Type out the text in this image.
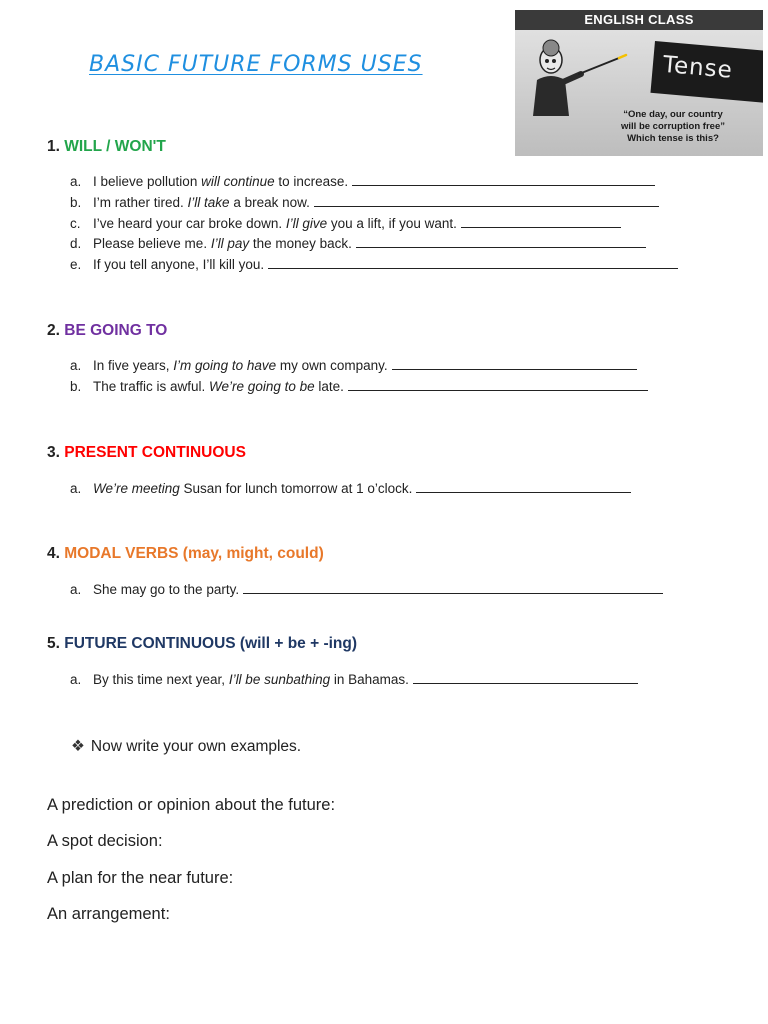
BASIC FUTURE FORMS USES
ENGLISH CLASS
Tense
“One day, our country
will be corruption free”
Which tense is this?
1. WILL / WON'T
a. I believe pollution will continue to increase.
b. I’m rather tired. I’ll take a break now.
c. I’ve heard your car broke down. I’ll give you a lift, if you want.
d. Please believe me. I’ll pay the money back.
e. If you tell anyone, I’ll kill you.
2. BE GOING TO
a. In five years, I’m going to have my own company.
b. The traffic is awful. We’re going to be late.
3. PRESENT CONTINUOUS
a. We’re meeting Susan for lunch tomorrow at 1 o’clock.
4. MODAL VERBS (may, might, could)
a. She may go to the party.
5. FUTURE CONTINUOUS (will + be + -ing)
a. By this time next year, I’ll be sunbathing in Bahamas.
❖ Now write your own examples.

A prediction or opinion about the future:

A spot decision:

A plan for the near future:

An arrangement:
